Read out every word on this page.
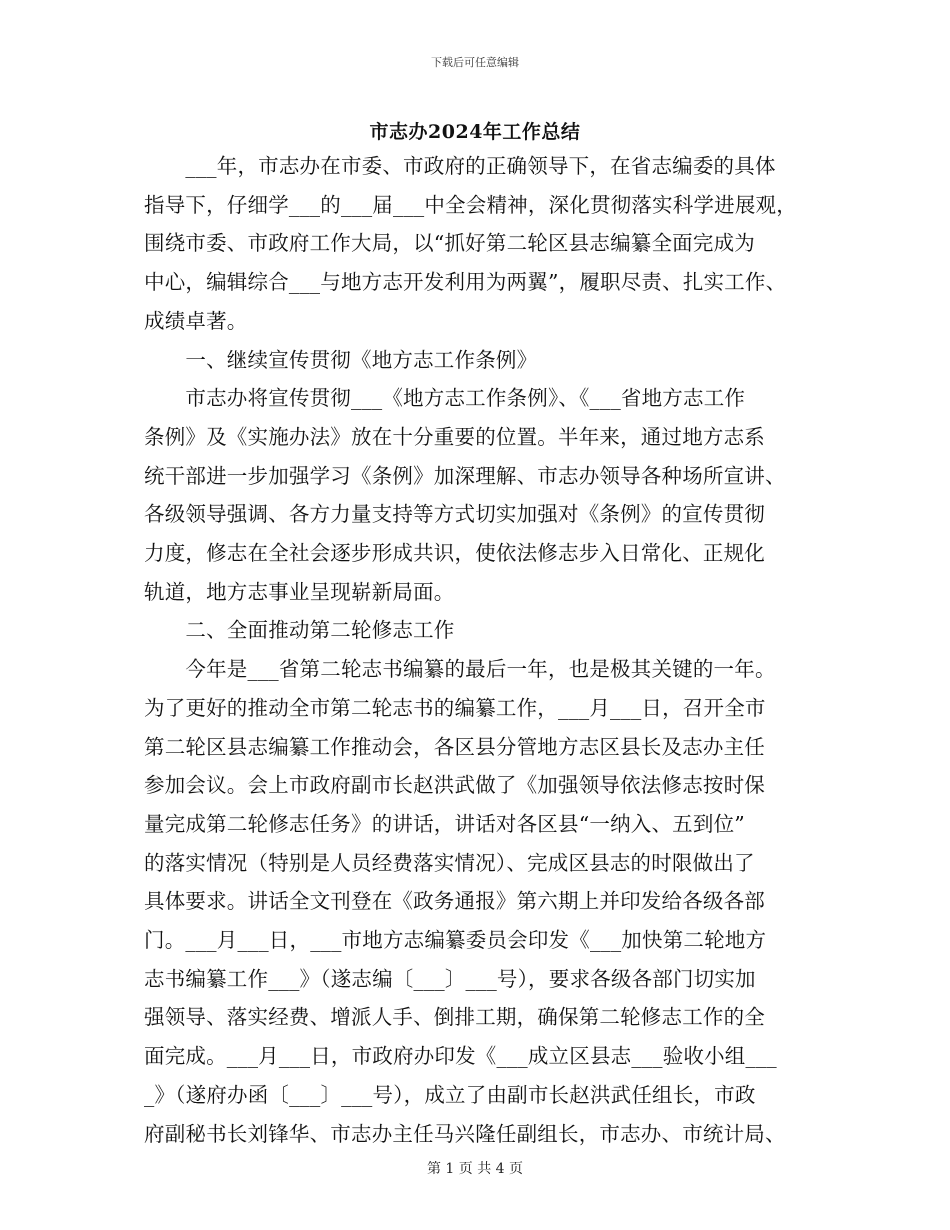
下载后可任意编辑
市志办2024年工作总结

　　___年，市志办在市委、市政府的正确领导下，在省志编委的具体

指导下，仔细学___的___届___中全会精神，深化贯彻落实科学进展观，

围绕市委、市政府工作大局，以“抓好第二轮区县志编纂全面完成为

中心，编辑综合___与地方志开发利用为两翼”，履职尽责、扎实工作、

成绩卓著。

　　一、继续宣传贯彻《地方志工作条例》

　　市志办将宣传贯彻___《地方志工作条例》、《___省地方志工作

条例》及《实施办法》放在十分重要的位置。半年来，通过地方志系

统干部进一步加强学习《条例》加深理解、市志办领导各种场所宣讲、

各级领导强调、各方力量支持等方式切实加强对《条例》的宣传贯彻

力度，修志在全社会逐步形成共识，使依法修志步入日常化、正规化

轨道，地方志事业呈现崭新局面。

　　二、全面推动第二轮修志工作

　　今年是___省第二轮志书编纂的最后一年，也是极其关键的一年。

为了更好的推动全市第二轮志书的编纂工作，___月___日，召开全市

第二轮区县志编纂工作推动会，各区县分管地方志区县长及志办主任

参加会议。会上市政府副市长赵洪武做了《加强领导依法修志按时保

量完成第二轮修志任务》的讲话，讲话对各区县“一纳入、五到位”

的落实情况（特别是人员经费落实情况）、完成区县志的时限做出了

具体要求。讲话全文刊登在《政务通报》第六期上并印发给各级各部

门。___月___日，___市地方志编纂委员会印发《___加快第二轮地方

志书编纂工作___》（遂志编〔___〕___号），要求各级各部门切实加

强领导、落实经费、增派人手、倒排工期，确保第二轮修志工作的全

面完成。___月___日，市政府办印发《___成立区县志___验收小组___

_》（遂府办函〔___〕___号），成立了由副市长赵洪武任组长，市政

府副秘书长刘锋华、市志办主任马兴隆任副组长，市志办、市统计局、

第 1 页 共 4 页
